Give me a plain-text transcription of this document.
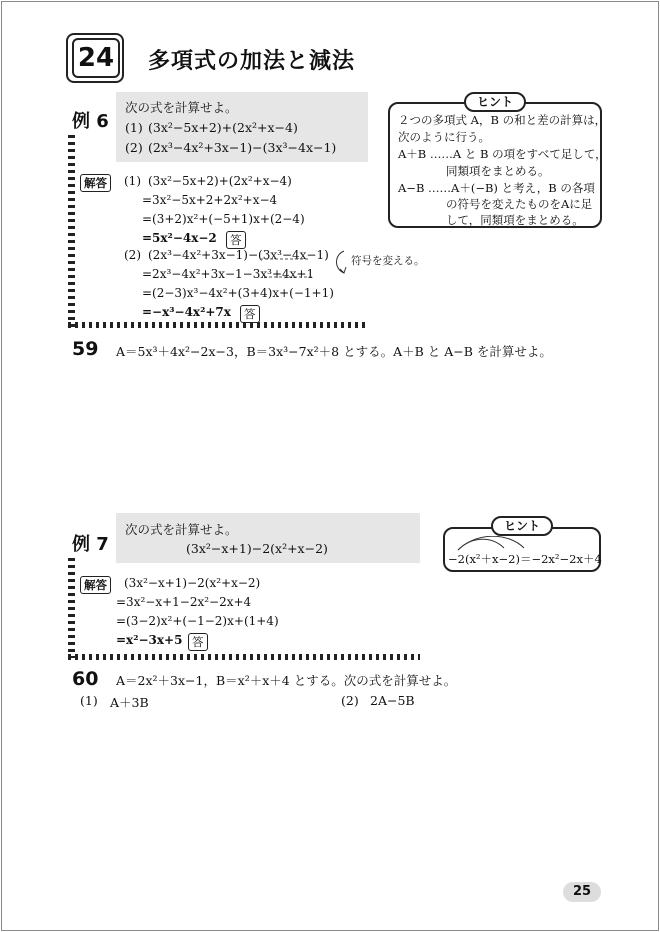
24 多項式の加法と減法
例 6
次の式を計算せよ。
(1) (3x²−5x+2)+(2x²+x−4)
(2) (2x³−4x²+3x−1)−(3x³−4x−1)
解答	(1) (3x²−5x+2)+(2x²+x−4)
=3x²−5x+2+2x²+x−4
=(3+2)x²+(−5+1)x+(2−4)
=5x²−4x−2	答
(2) (2x³−4x²+3x−1)−(3x³−4x−1)
=2x³−4x²+3x−1−3x³+4x+1
=(2−3)x³−4x²+(3+4)x+(−1+1)
=−x³−4x²+7x	答
符号を変える。
ヒント
２つの多項式 A，B の和と差の計算は，
次のように行う。
A＋B ……A と B の項をすべて足して，
同類項をまとめる。
A−B ……A＋(−B) と考え，B の各項
の符号を変えたものをAに足
して，同類項をまとめる。
59 A＝5x³＋4x²−2x−3，B＝3x³−7x²＋8 とする。A＋B と A−B を計算せよ。
例 7
次の式を計算せよ。
(3x²−x+1)−2(x²+x−2)
解答	(3x²−x+1)−2(x²+x−2)
=3x²−x+1−2x²−2x+4
=(3−2)x²+(−1−2)x+(1+4)
=x²−3x+5 答
ヒント
−2(x²＋x−2)＝−2x²−2x＋4
60 A＝2x²＋3x−1，B＝x²＋x＋4 とする。次の式を計算せよ。
(1) A＋3B	(2) 2A−5B
25
